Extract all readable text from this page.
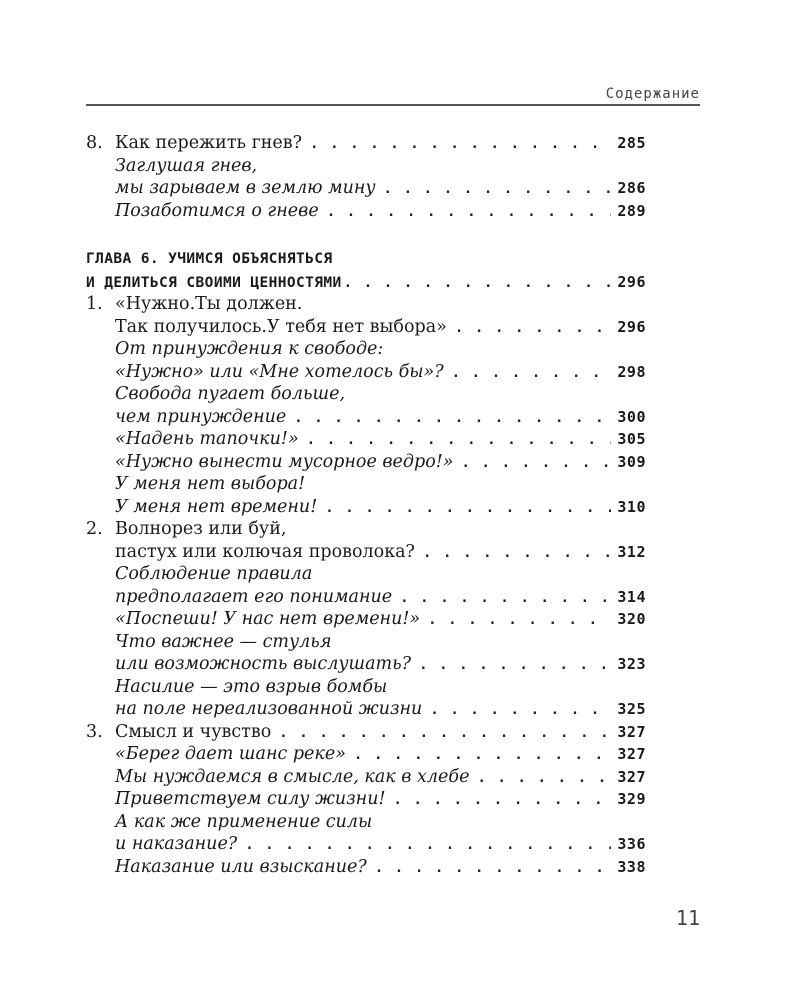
Содержание
8. Как пережить гнев? . . .	285
Заглушая гнев,
мы зарываем в землю мину . . .	286
Позаботимся о гневе . . .	289
ГЛАВА 6. УЧИМСЯ ОБЪЯСНЯТЬСЯ
И ДЕЛИТЬСЯ СВОИМИ ЦЕННОСТЯМИ . . .	296
1. «Нужно.Ты должен.
Так получилось.У тебя нет выбора» . . .	296
От принуждения к свободе:
«Нужно» или «Мне хотелось бы»? . . .	298
Свобода пугает больше,
чем принуждение . . .	300
«Надень тапочки!» . . .	305
«Нужно вынести мусорное ведро!» . . .	309
У меня нет выбора!
У меня нет времени! . . .	310
2. Волнорез или буй,
пастух или колючая проволока? . . .	312
Соблюдение правила
предполагает его понимание . . .	314
«Поспеши! У нас нет времени!» . . .	320
Что важнее — стулья
или возможность выслушать? . . .	323
Насилие — это взрыв бомбы
на поле нереализованной жизни . . .	325
3. Смысл и чувство . . .	327
«Берег дает шанс реке» . . .	327
Мы нуждаемся в смысле, как в хлебе . . .	327
Приветствуем силу жизни! . . .	329
А как же применение силы
и наказание? . . .	336
Наказание или взыскание? . . .	338
11
